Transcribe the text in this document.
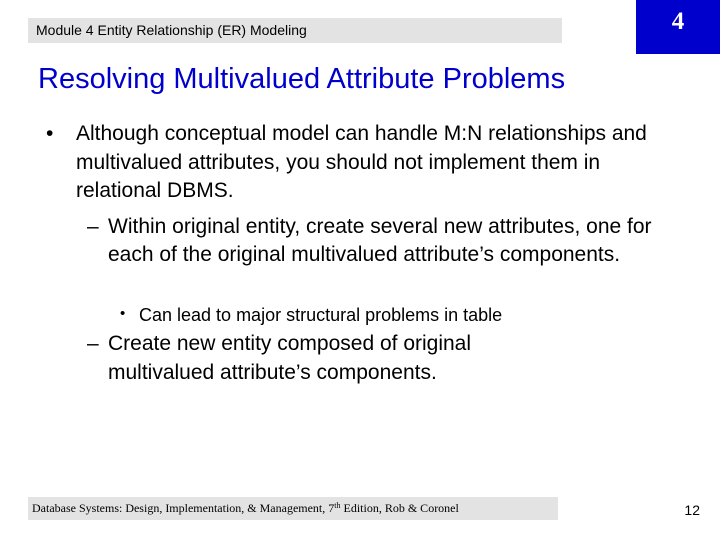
Module 4 Entity Relationship (ER) Modeling	4
Resolving Multivalued Attribute Problems
• Although conceptual model can handle M:N relationships and multivalued attributes, you should not implement them in relational DBMS.
– Within original entity, create several new attributes, one for each of the original multivalued attribute’s components.
• Can lead to major structural problems in table
– Create new entity composed of original multivalued attribute’s components.
Database Systems: Design, Implementation, & Management, 7th Edition, Rob & Coronel	12
